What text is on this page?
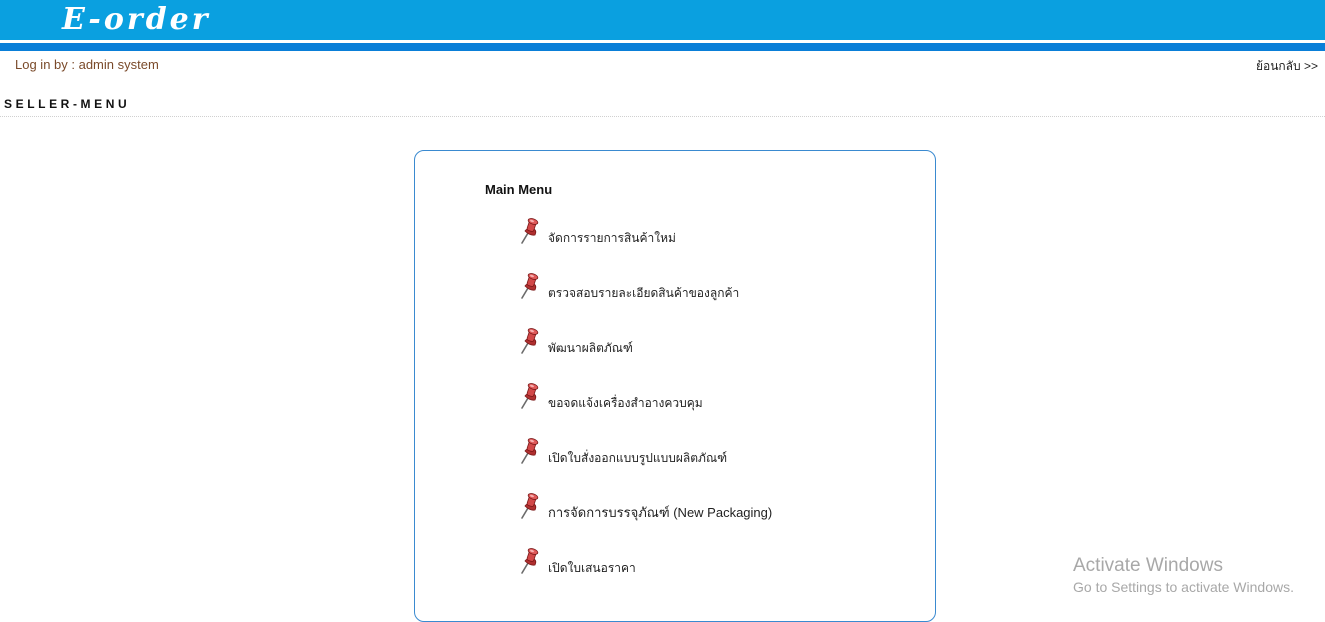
E-order
Log in by : admin system	ย้อนกลับ >>
SELLER-MENU
Main Menu
จัดการรายการสินค้าใหม่
ตรวจสอบรายละเอียดสินค้าของลูกค้า
พัฒนาผลิตภัณฑ์
ขอจดแจ้งเครื่องสำอางควบคุม
เปิดใบสั่งออกแบบรูปแบบผลิตภัณฑ์
การจัดการบรรจุภัณฑ์ (New Packaging)
เปิดใบเสนอราคา	Activate Windows
Go to Settings to activate Windows.
